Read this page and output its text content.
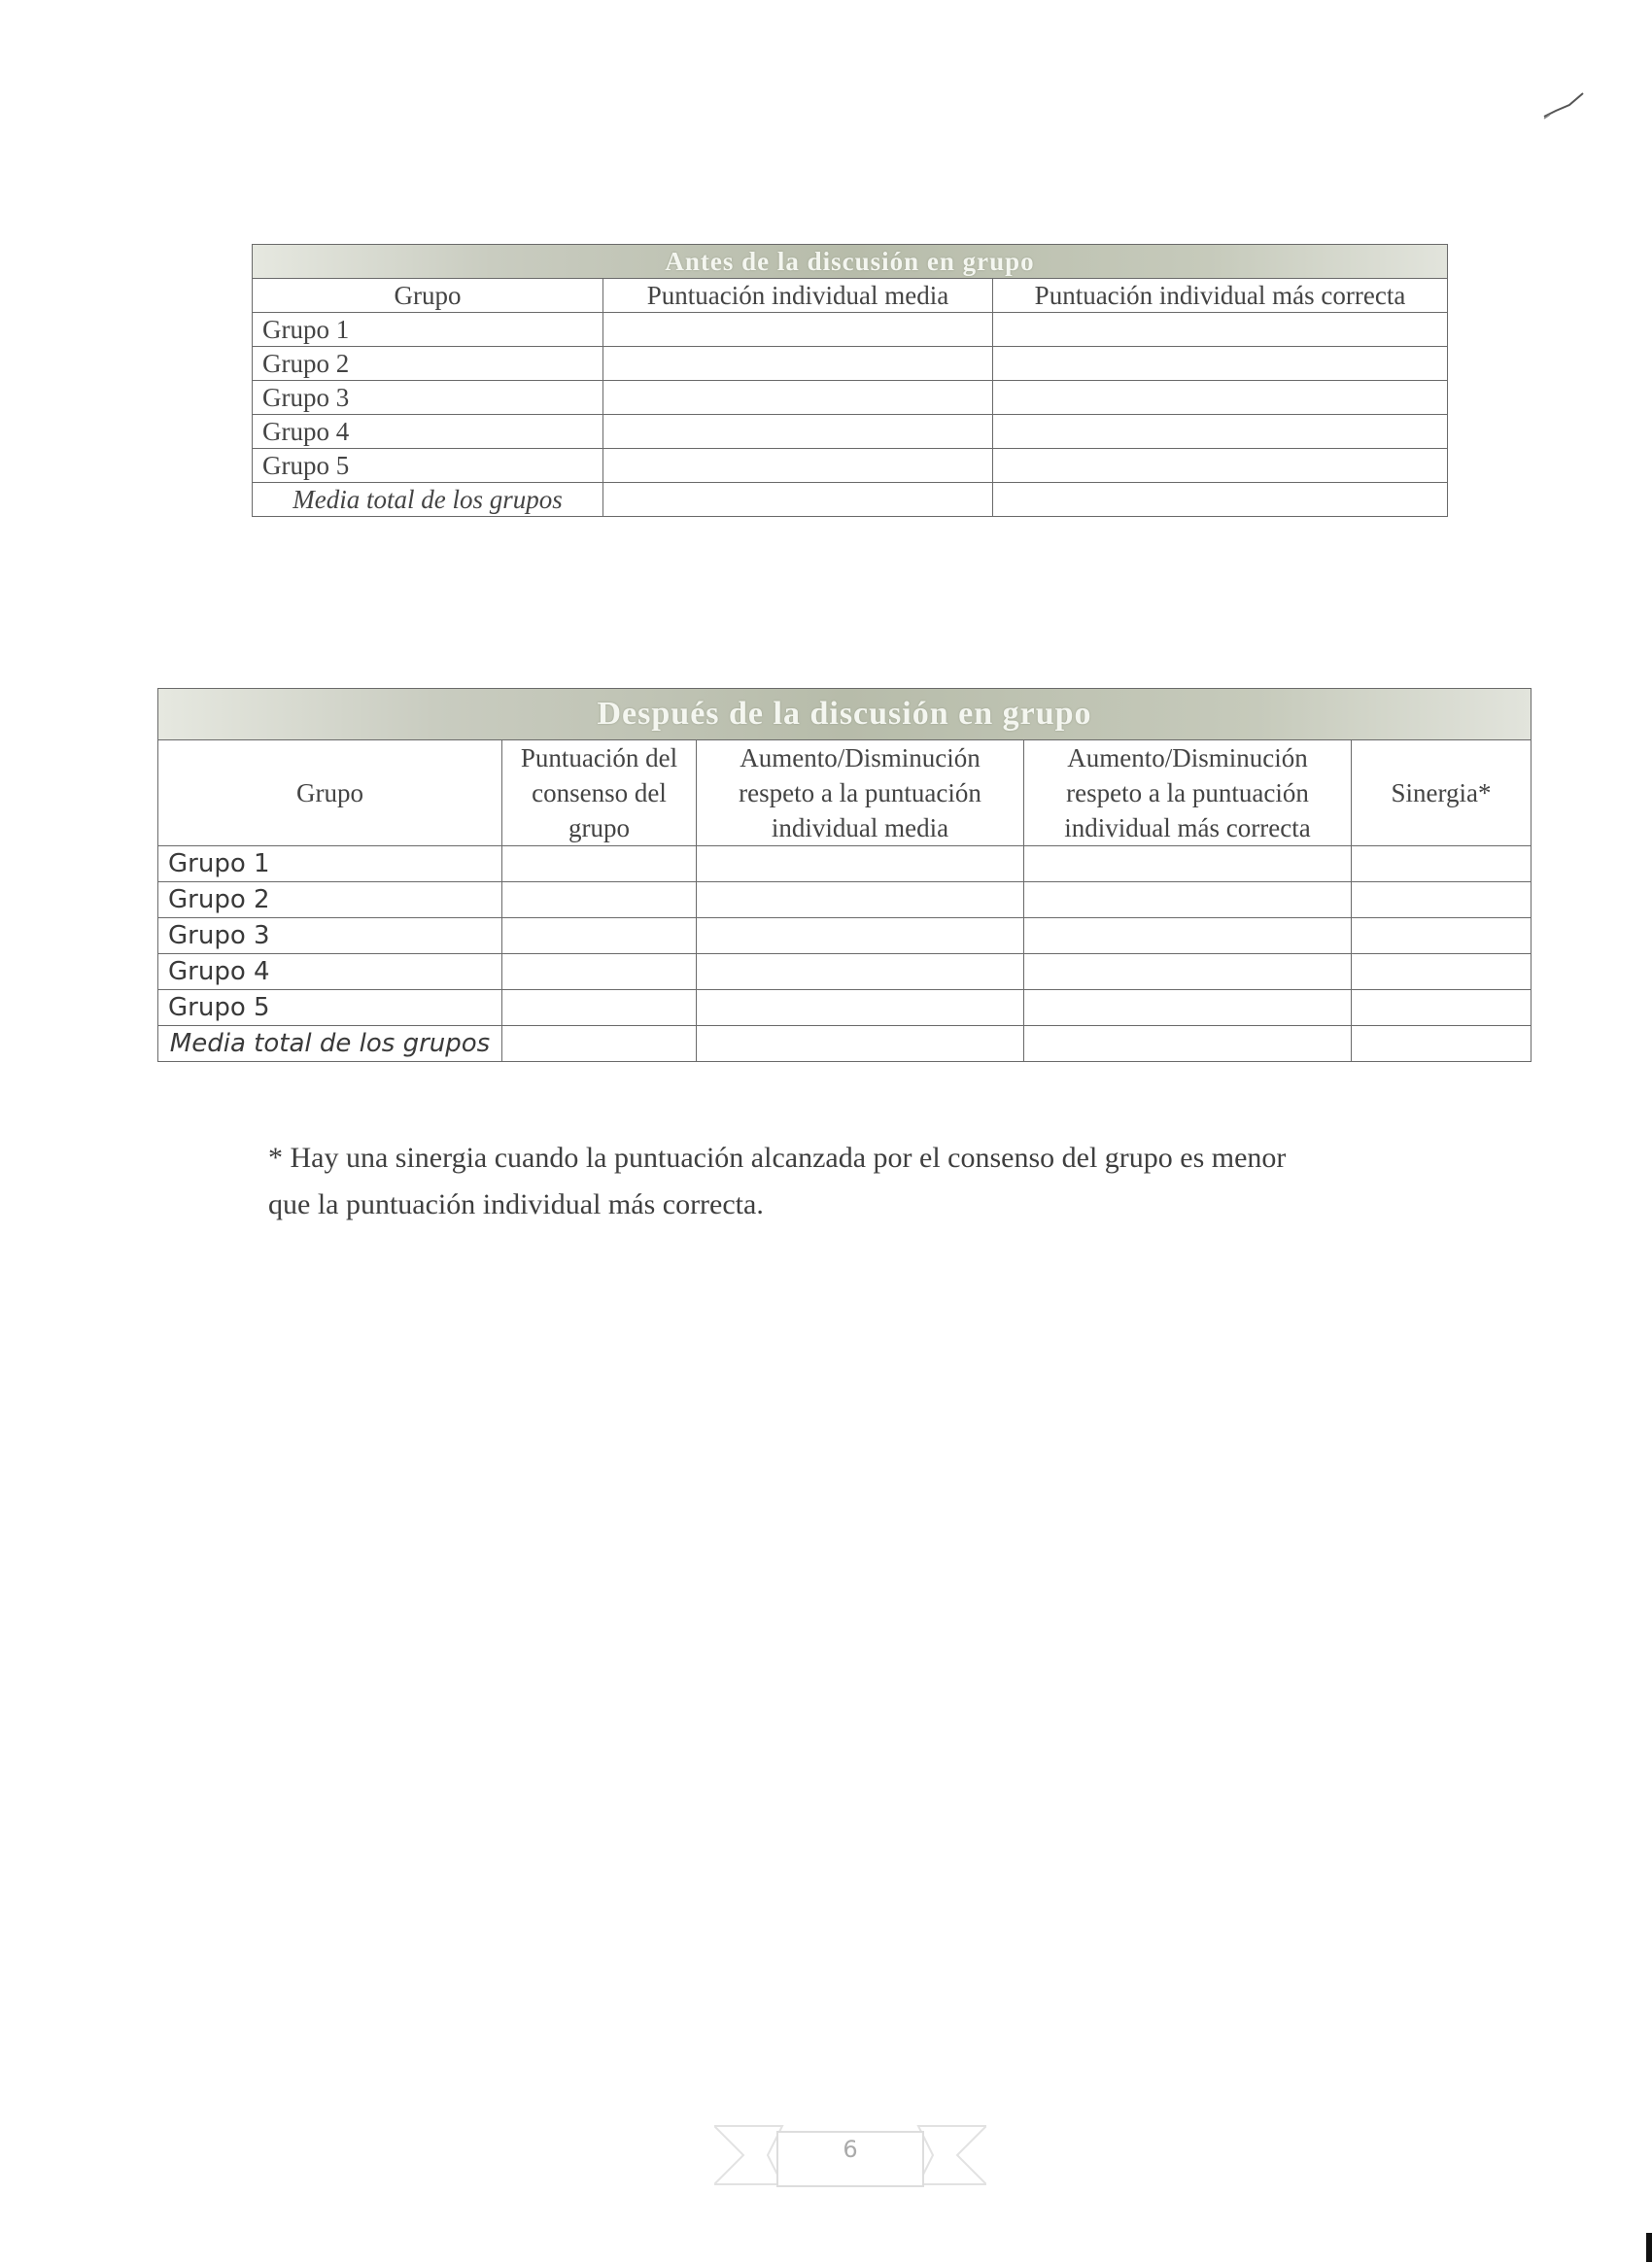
Antes de la discusión en grupo		
Grupo	Puntuación individual media	Puntuación individual más correcta
Grupo 1		
Grupo 2		
Grupo 3		
Grupo 4		
Grupo 5		
Media total de los grupos		
Después de la discusión en grupo				
Grupo	Puntuación del consenso del grupo	Aumento/Disminución respeto a la puntuación individual media	Aumento/Disminución respeto a la puntuación individual más correcta	Sinergia*
Grupo 1				
Grupo 2				
Grupo 3				
Grupo 4				
Grupo 5				
Media total de los grupos				
* Hay una sinergia cuando la puntuación alcanzada por el consenso del grupo es menor
que la puntuación individual más correcta.
6
